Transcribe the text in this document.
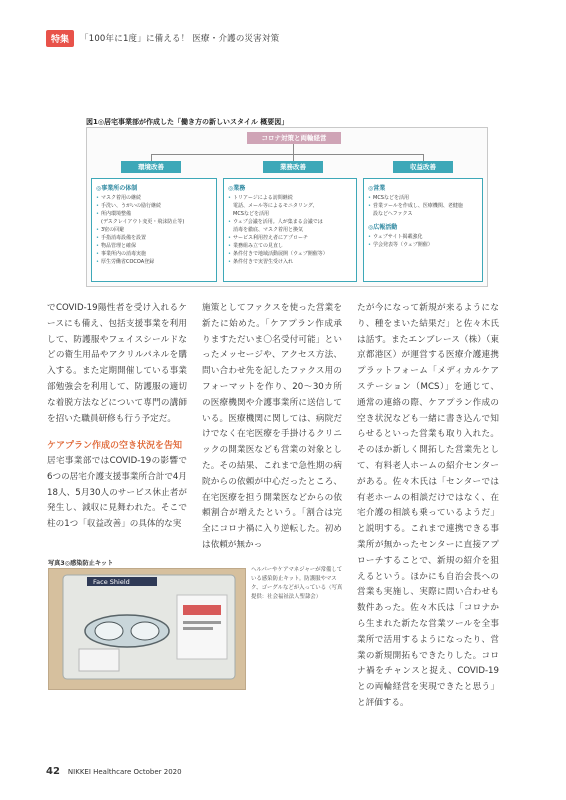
特集	「100年に1度」に備える！ 医療・介護の災害対策
図1◎居宅事業部が作成した「働き方の新しいスタイル 概要図」
コロナ対策と両輪経営
環境改善	業務改善	収益改善
◎事業所の体制
• マスク着用の継続
• 手洗い、うがいの励行継続
• 所内環境整備
(デスクレイアウト変更・飛沫防止等)
• 3密の回避
• 手指消毒設備を設置
• 物品管理と確保
• 事業所内の消毒実施
• 厚生労働省COCOA登録
◎業務
• トリアージによる訪問継続
電話、メール等によるモニタリング、
MCSなどを活用
• ウェブ会議を活用。人が集まる会議では
消毒を徹底、マスク着用と換気
• サービス利用控え者にアプローチ
• 業務組み立ての見直し
• 条件付きで地域活動展開（ウェブ開催等）
• 条件付きで実習生受け入れ
◎営業
• MCSなどを活用
• 営業ツールを作成し、医療機関、老健施
設などへファクス
◎広報活動
• ウェブサイト掲載強化
• 学会発表等（ウェブ開催）

でCOVID-19陽性者を受け入れるケースにも備え、包括支援事業を利用して、防護服やフェイスシールドなどの衛生用品やアクリルパネルを購入する。また定期開催している事業部勉強会を利用して、防護服の適切な着脱方法などについて専門の講師を招いた職員研修も行う予定だ。

ケアプラン作成の空き状況を告知

居宅事業部ではCOVID-19の影響で6つの居宅介護支援事業所合計で4月18人、5月30人のサービス休止者が発生し、減収に見舞われた。そこで柱の1つ「収益改善」の具体的な実

施策としてファクスを使った営業を新たに始めた。「ケアプラン作成承りますただいま〇名受付可能」といったメッセージや、アクセス方法、問い合わせ先を記したファクス用のフォーマットを作り、20～30カ所の医療機関や介護事業所に送信している。医療機関に関しては、病院だけでなく在宅医療を手掛けるクリニックの開業医なども営業の対象とした。その結果、これまで急性期の病院からの依頼が中心だったところ、在宅医療を担う開業医などからの依頼割合が増えたという。「割合は完全にコロナ禍に入り逆転した。初めは依頼が無かっ

たが今になって新規が来るようになり、種をまいた結果だ」と佐々木氏は話す。またエンブレース（株）（東京都港区）が運営する医療介護連携プラットフォーム「メディカルケアステーション（MCS）」を通じて、通常の連絡の際、ケアプラン作成の空き状況なども一緒に書き込んで知らせるといった営業も取り入れた。そのほか新しく開拓した営業先として、有料老人ホームの紹介センターがある。佐々木氏は「センターでは有老ホームの相談だけではなく、在宅介護の相談も乗っているようだ」と説明する。これまで連携できる事業所が無かったセンターに直接アプローチすることで、新規の紹介を狙えるという。ほかにも自治会長への営業も実施し、実際に問い合わせも数件あった。佐々木氏は「コロナから生まれた新たな営業ツールを全事業所で活用するようになったり、営業の新規開拓もできたりした。コロナ禍をチャンスと捉え、COVID-19との両輪経営を実現できたと思う」と評価する。

写真3◎感染防止キット
Face Shield
ヘルパーやケアマネジャーが常備している感染防止キット。防護服やマスク、ゴーグルなどが入っている（写真提供：社会福祉法人聖隷会）
42 NIKKEI Healthcare October 2020
